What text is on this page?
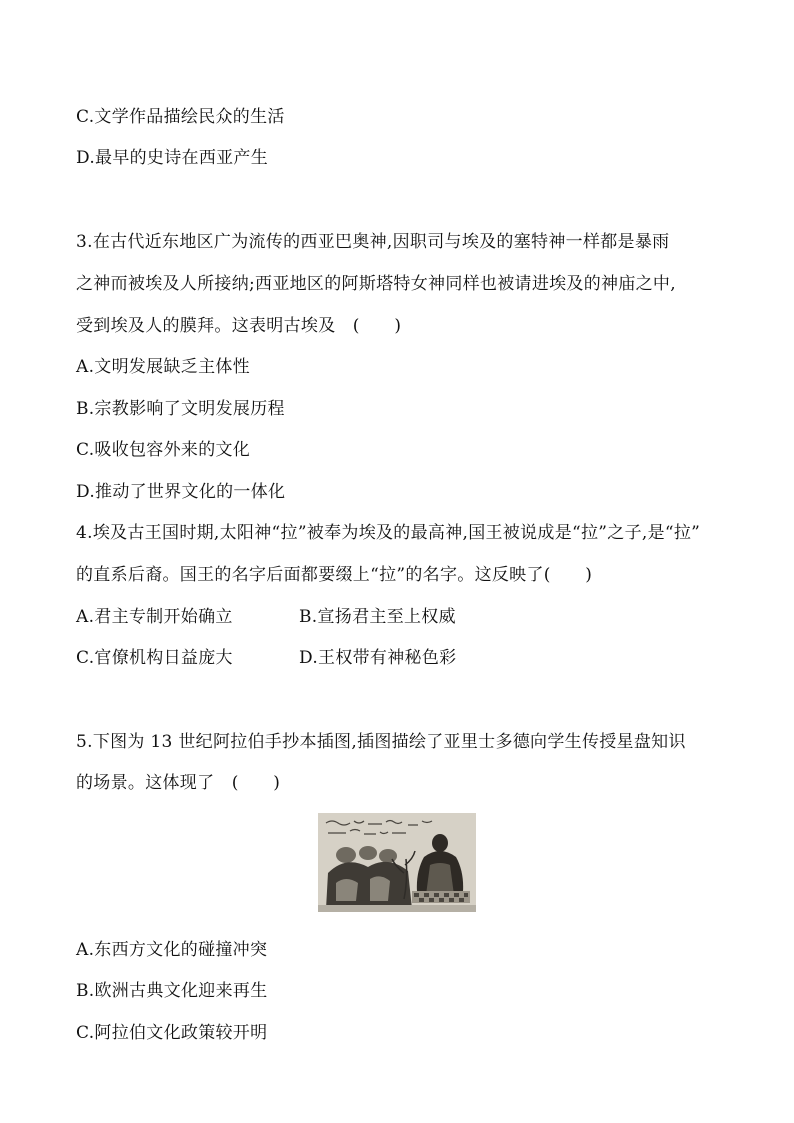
C.文学作品描绘民众的生活
D.最早的史诗在西亚产生
3.在古代近东地区广为流传的西亚巴奥神,因职司与埃及的塞特神一样都是暴雨
之神而被埃及人所接纳;西亚地区的阿斯塔特女神同样也被请进埃及的神庙之中,
受到埃及人的膜拜。这表明古埃及　(　　)
A.文明发展缺乏主体性
B.宗教影响了文明发展历程
C.吸收包容外来的文化
D.推动了世界文化的一体化
4.埃及古王国时期,太阳神“拉”被奉为埃及的最高神,国王被说成是“拉”之子,是“拉”
的直系后裔。国王的名字后面都要缀上“拉”的名字。这反映了(　　)
A.君主专制开始确立	B.宣扬君主至上权威
C.官僚机构日益庞大	D.王权带有神秘色彩
5.下图为 13 世纪阿拉伯手抄本插图,插图描绘了亚里士多德向学生传授星盘知识
的场景。这体现了　(　　)
A.东西方文化的碰撞冲突
B.欧洲古典文化迎来再生
C.阿拉伯文化政策较开明
